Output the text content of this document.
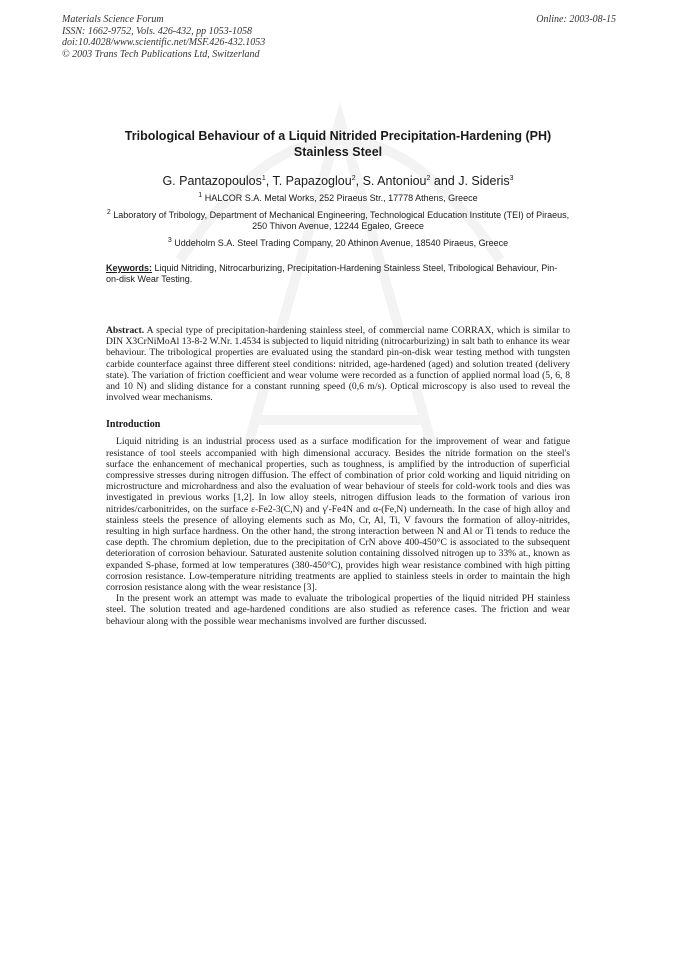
Materials Science Forum
ISSN: 1662-9752, Vols. 426-432, pp 1053-1058
doi:10.4028/www.scientific.net/MSF.426-432.1053
© 2003 Trans Tech Publications Ltd, Switzerland
Online: 2003-08-15
Tribological Behaviour of a Liquid Nitrided Precipitation-Hardening (PH) Stainless Steel
G. Pantazopoulos$^1$, T. Papazoglou$^2$, S. Antoniou$^2$ and J. Sideris$^3$
$^1$ HALCOR S.A. Metal Works, 252 Piraeus Str., 17778 Athens, Greece
$^2$ Laboratory of Tribology, Department of Mechanical Engineering, Technological Education Institute (TEI) of Piraeus, 250 Thivon Avenue, 12244 Egaleo, Greece
$^3$ Uddeholm S.A. Steel Trading Company, 20 Athinon Avenue, 18540 Piraeus, Greece
Keywords: Liquid Nitriding, Nitrocarburizing, Precipitation-Hardening Stainless Steel, Tribological Behaviour, Pin-on-disk Wear Testing.

Abstract. A special type of precipitation-hardening stainless steel, of commercial name CORRAX, which is similar to DIN X3CrNiMoAl 13-8-2 W.Nr. 1.4534 is subjected to liquid nitriding (nitrocarburizing) in salt bath to enhance its wear behaviour. The tribological properties are evaluated using the standard pin-on-disk wear testing method with tungsten carbide counterface against three different steel conditions: nitrided, age-hardened (aged) and solution treated (delivery state). The variation of friction coefficient and wear volume were recorded as a function of applied normal load (5, 6, 8 and 10 N) and sliding distance for a constant running speed (0,6 m/s). Optical microscopy is also used to reveal the involved wear mechanisms.

Introduction

Liquid nitriding is an industrial process used as a surface modification for the improvement of wear and fatigue resistance of tool steels accompanied with high dimensional accuracy. Besides the nitride formation on the steel's surface the enhancement of mechanical properties, such as toughness, is amplified by the introduction of superficial compressive stresses during nitrogen diffusion. The effect of combination of prior cold working and liquid nitriding on microstructure and microhardness and also the evaluation of wear behaviour of steels for cold-work tools and dies was investigated in previous works [1,2]. In low alloy steels, nitrogen diffusion leads to the formation of various iron nitrides/carbonitrides, on the surface ε-Fe2-3(C,N) and γ'-Fe4N and α-(Fe,N) underneath. In the case of high alloy and stainless steels the presence of alloying elements such as Mo, Cr, Al, Ti, V favours the formation of alloy-nitrides, resulting in high surface hardness. On the other hand, the strong interaction between N and Al or Ti tends to reduce the case depth. The chromium depletion, due to the precipitation of CrN above 400-450°C is associated to the subsequent deterioration of corrosion behaviour. Saturated austenite solution containing dissolved nitrogen up to 33% at., known as expanded S-phase, formed at low temperatures (380-450°C), provides high wear resistance combined with high pitting corrosion resistance. Low-temperature nitriding treatments are applied to stainless steels in order to maintain the high corrosion resistance along with the wear resistance [3].

In the present work an attempt was made to evaluate the tribological properties of the liquid nitrided PH stainless steel. The solution treated and age-hardened conditions are also studied as reference cases. The friction and wear behaviour along with the possible wear mechanisms involved are further discussed.
